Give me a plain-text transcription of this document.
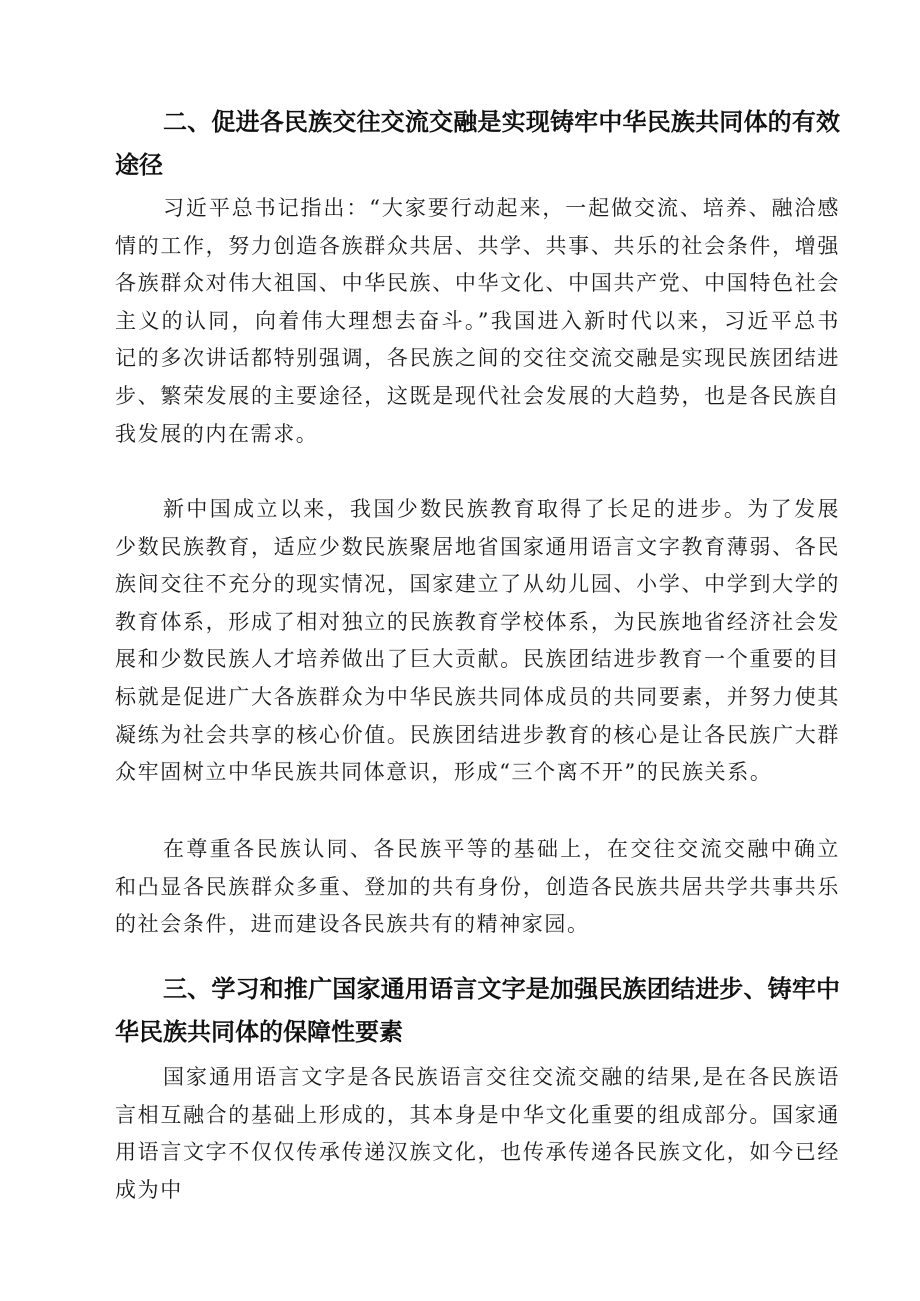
二、促进各民族交往交流交融是实现铸牢中华民族共同体的有效途径

习近平总书记指出：“大家要行动起来，一起做交流、培养、融洽感情的工作，努力创造各族群众共居、共学、共事、共乐的社会条件，增强各族群众对伟大祖国、中华民族、中华文化、中国共产党、中国特色社会主义的认同，向着伟大理想去奋斗。”我国进入新时代以来，习近平总书记的多次讲话都特别强调，各民族之间的交往交流交融是实现民族团结进步、繁荣发展的主要途径，这既是现代社会发展的大趋势，也是各民族自我发展的内在需求。

新中国成立以来，我国少数民族教育取得了长足的进步。为了发展少数民族教育，适应少数民族聚居地省国家通用语言文字教育薄弱、各民族间交往不充分的现实情况，国家建立了从幼儿园、小学、中学到大学的教育体系，形成了相对独立的民族教育学校体系，为民族地省经济社会发展和少数民族人才培养做出了巨大贡献。民族团结进步教育一个重要的目标就是促进广大各族群众为中华民族共同体成员的共同要素，并努力使其凝练为社会共享的核心价值。民族团结进步教育的核心是让各民族广大群众牢固树立中华民族共同体意识，形成“三个离不开”的民族关系。

在尊重各民族认同、各民族平等的基础上，在交往交流交融中确立和凸显各民族群众多重、登加的共有身份，创造各民族共居共学共事共乐的社会条件，进而建设各民族共有的精神家园。

三、学习和推广国家通用语言文字是加强民族团结进步、铸牢中华民族共同体的保障性要素

国家通用语言文字是各民族语言交往交流交融的结果,是在各民族语言相互融合的基础上形成的，其本身是中华文化重要的组成部分。国家通用语言文字不仅仅传承传递汉族文化，也传承传递各民族文化，如今已经成为中
